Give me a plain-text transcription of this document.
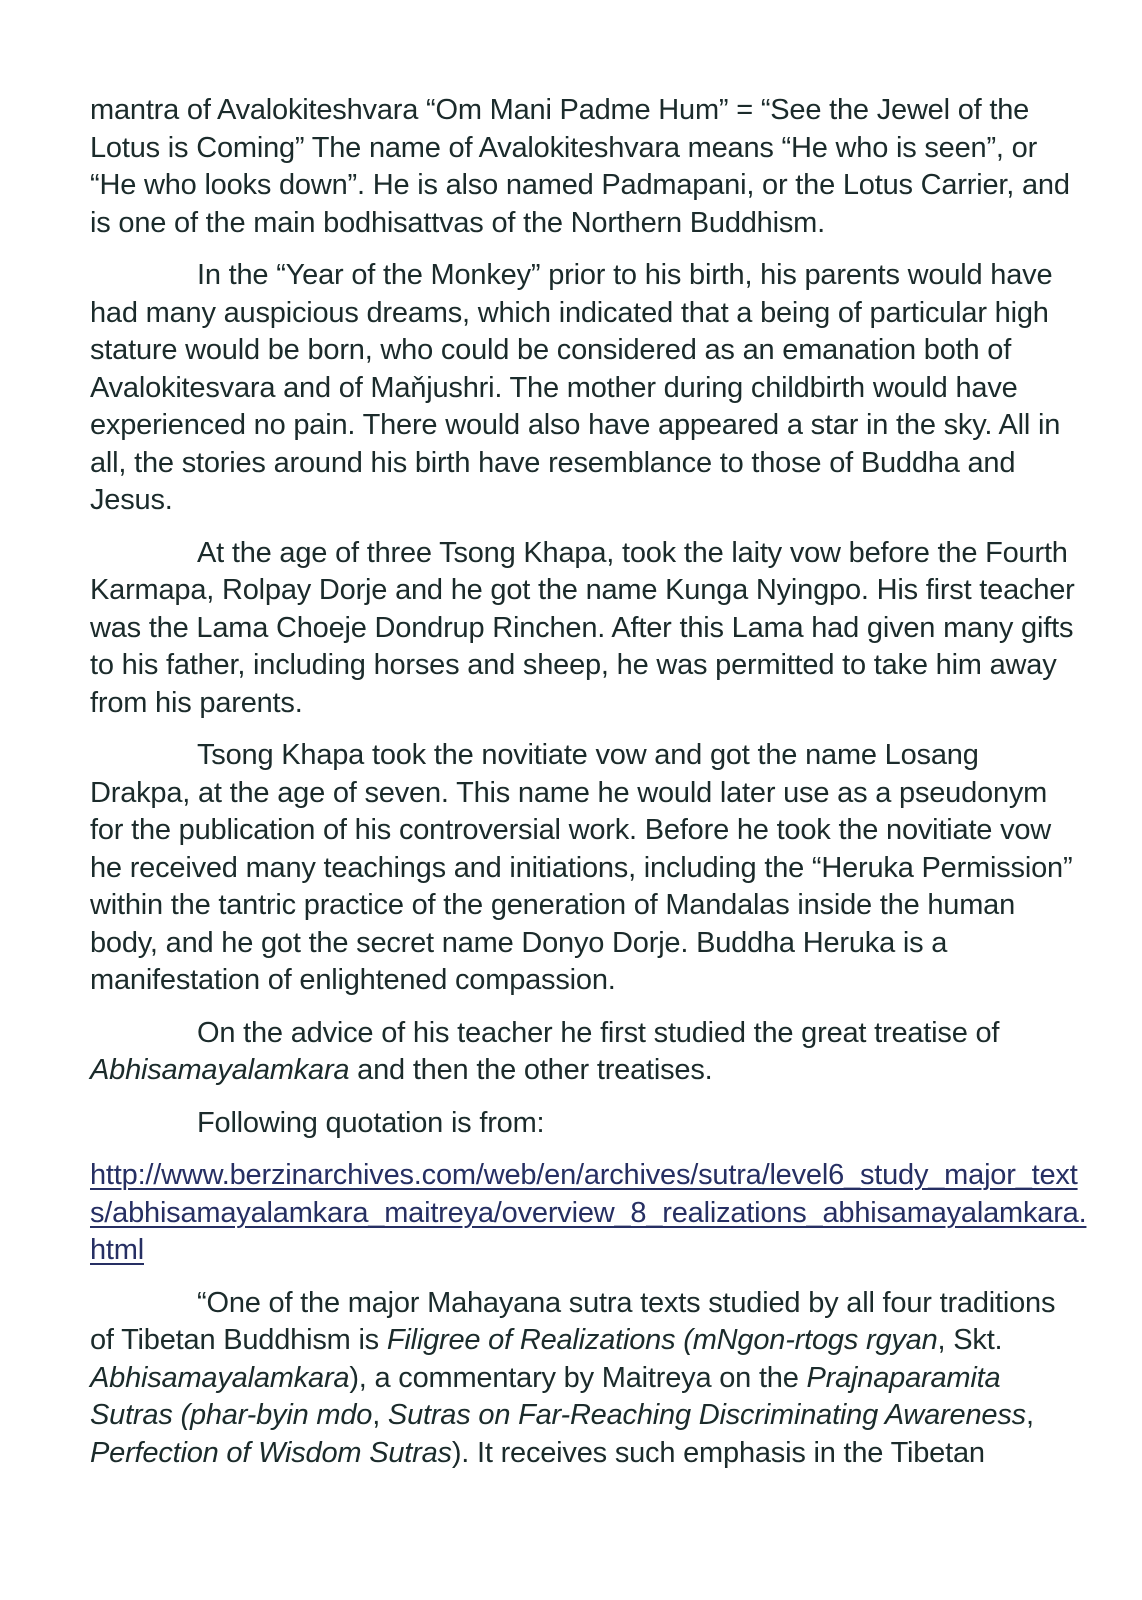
mantra of Avalokiteshvara “Om Mani Padme Hum” = “See the Jewel of the
Lotus is Coming” The name of Avalokiteshvara means “He who is seen”, or
“He who looks down”. He is also named Padmapani, or the Lotus Carrier, and
is one of the main bodhisattvas of the Northern Buddhism.
In the “Year of the Monkey” prior to his birth, his parents would have
had many auspicious dreams, which indicated that a being of particular high
stature would be born, who could be considered as an emanation both of
Avalokitesvara and of Maňjushri. The mother during childbirth would have
experienced no pain. There would also have appeared a star in the sky. All in
all, the stories around his birth have resemblance to those of Buddha and
Jesus.
At the age of three Tsong Khapa, took the laity vow before the Fourth
Karmapa, Rolpay Dorje and he got the name Kunga Nyingpo. His first teacher
was the Lama Choeje Dondrup Rinchen. After this Lama had given many gifts
to his father, including horses and sheep, he was permitted to take him away
from his parents.
Tsong Khapa took the novitiate vow and got the name Losang
Drakpa, at the age of seven. This name he would later use as a pseudonym
for the publication of his controversial work. Before he took the novitiate vow
he received many teachings and initiations, including the “Heruka Permission”
within the tantric practice of the generation of Mandalas inside the human
body, and he got the secret name Donyo Dorje. Buddha Heruka is a
manifestation of enlightened compassion.
On the advice of his teacher he first studied the great treatise of
Abhisamayalamkara and then the other treatises.
Following quotation is from:
http://www.berzinarchives.com/web/en/archives/sutra/level6_study_major_text
s/abhisamayalamkara_maitreya/overview_8_realizations_abhisamayalamkara.
html
“One of the major Mahayana sutra texts studied by all four traditions
of Tibetan Buddhism is Filigree of Realizations (mNgon-rtogs rgyan, Skt.
Abhisamayalamkara), a commentary by Maitreya on the Prajnaparamita
Sutras (phar-byin mdo, Sutras on Far-Reaching Discriminating Awareness,
Perfection of Wisdom Sutras). It receives such emphasis in the Tibetan
